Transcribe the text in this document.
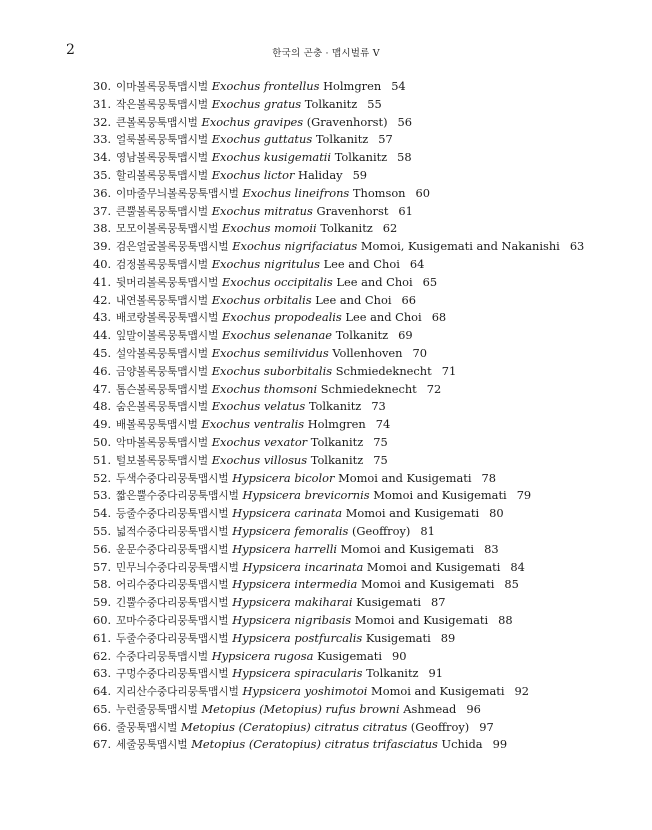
2	한국의 곤충 · 맵시벌류 V
30. 이마볼록뭉툭맵시벌 Exochus frontellus Holmgren 54
31. 작은볼록뭉툭맵시벌 Exochus gratus Tolkanitz 55
32. 큰볼록뭉툭맵시벌 Exochus gravipes (Gravenhorst) 56
33. 얼룩볼록뭉툭맵시벌 Exochus guttatus Tolkanitz 57
34. 영남볼록뭉툭맵시벌 Exochus kusigematii Tolkanitz 58
35. 할리볼록뭉툭맵시벌 Exochus lictor Haliday 59
36. 이마줄무늬볼록뭉툭맵시벌 Exochus lineifrons Thomson 60
37. 큰뿔볼록뭉툭맵시벌 Exochus mitratus Gravenhorst 61
38. 모모이볼록뭉툭맵시벌 Exochus momoii Tolkanitz 62
39. 검은얼굴볼록뭉툭맵시벌 Exochus nigrifaciatus Momoi, Kusigemati and Nakanishi 63
40. 검정볼록뭉툭맵시벌 Exochus nigritulus Lee and Choi 64
41. 뒷머리볼록뭉툭맵시벌 Exochus occipitalis Lee and Choi 65
42. 내연볼록뭉툭맵시벌 Exochus orbitalis Lee and Choi 66
43. 배코랑볼록뭉툭맵시벌 Exochus propodealis Lee and Choi 68
44. 잎말이볼록뭉툭맵시벌 Exochus selenanae Tolkanitz 69
45. 설악볼록뭉툭맵시벌 Exochus semilividus Vollenhoven 70
46. 금양볼록뭉툭맵시벌 Exochus suborbitalis Schmiedeknecht 71
47. 톰슨볼록뭉툭맵시벌 Exochus thomsoni Schmiedeknecht 72
48. 숨은볼록뭉툭맵시벌 Exochus velatus Tolkanitz 73
49. 배볼록뭉툭맵시벌 Exochus ventralis Holmgren 74
50. 악마볼록뭉툭맵시벌 Exochus vexator Tolkanitz 75
51. 털보볼록뭉툭맵시벌 Exochus villosus Tolkanitz 75
52. 두색수중다리뭉툭맵시벌 Hypsicera bicolor Momoi and Kusigemati 78
53. 짧은뿔수중다리뭉툭맵시벌 Hypsicera brevicornis Momoi and Kusigemati 79
54. 등줄수중다리뭉툭맵시벌 Hypsicera carinata Momoi and Kusigemati 80
55. 넓적수중다리뭉툭맵시벌 Hypsicera femoralis (Geoffroy) 81
56. 운문수중다리뭉툭맵시벌 Hypsicera harrelli Momoi and Kusigemati 83
57. 민무늬수중다리뭉툭맵시벌 Hypsicera incarinata Momoi and Kusigemati 84
58. 어리수중다리뭉툭맵시벌 Hypsicera intermedia Momoi and Kusigemati 85
59. 긴뿔수중다리뭉툭맵시벌 Hypsicera makiharai Kusigemati 87
60. 꼬마수중다리뭉툭맵시벌 Hypsicera nigribasis Momoi and Kusigemati 88
61. 두줄수중다리뭉툭맵시벌 Hypsicera postfurcalis Kusigemati 89
62. 수중다리뭉툭맵시벌 Hypsicera rugosa Kusigemati 90
63. 구멍수중다리뭉툭맵시벌 Hypsicera spiracularis Tolkanitz 91
64. 지리산수중다리뭉툭맵시벌 Hypsicera yoshimotoi Momoi and Kusigemati 92
65. 누런줄뭉툭맵시벌 Metopius (Metopius) rufus browni Ashmead 96
66. 줄뭉툭맵시벌 Metopius (Ceratopius) citratus citratus (Geoffroy) 97
67. 세줄뭉툭맵시벌 Metopius (Ceratopius) citratus trifasciatus Uchida 99
